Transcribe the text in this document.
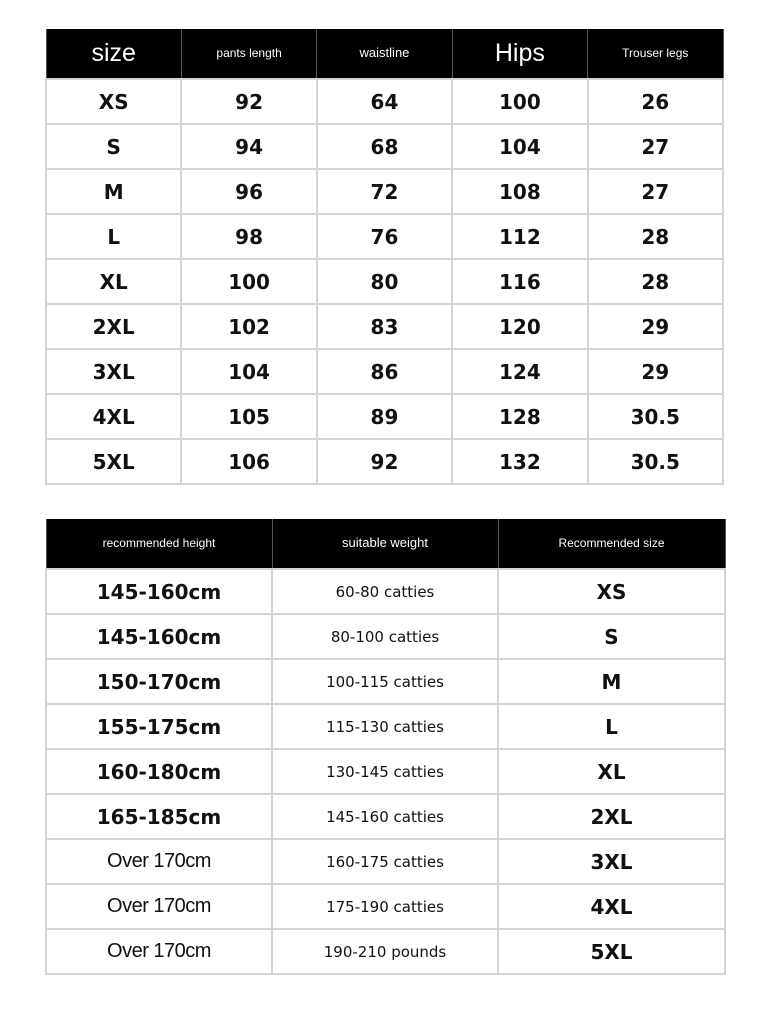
size	pants length	waistline	Hips	Trouser legs
XS	92	64	100	26
S	94	68	104	27
M	96	72	108	27
L	98	76	112	28
XL	100	80	116	28
2XL	102	83	120	29
3XL	104	86	124	29
4XL	105	89	128	30.5
5XL	106	92	132	30.5
recommended height	suitable weight	Recommended size
145-160cm	60-80 catties	XS
145-160cm	80-100 catties	S
150-170cm	100-115 catties	M
155-175cm	115-130 catties	L
160-180cm	130-145 catties	XL
165-185cm	145-160 catties	2XL
Over 170cm	160-175 catties	3XL
Over 170cm	175-190 catties	4XL
Over 170cm	190-210 pounds	5XL
